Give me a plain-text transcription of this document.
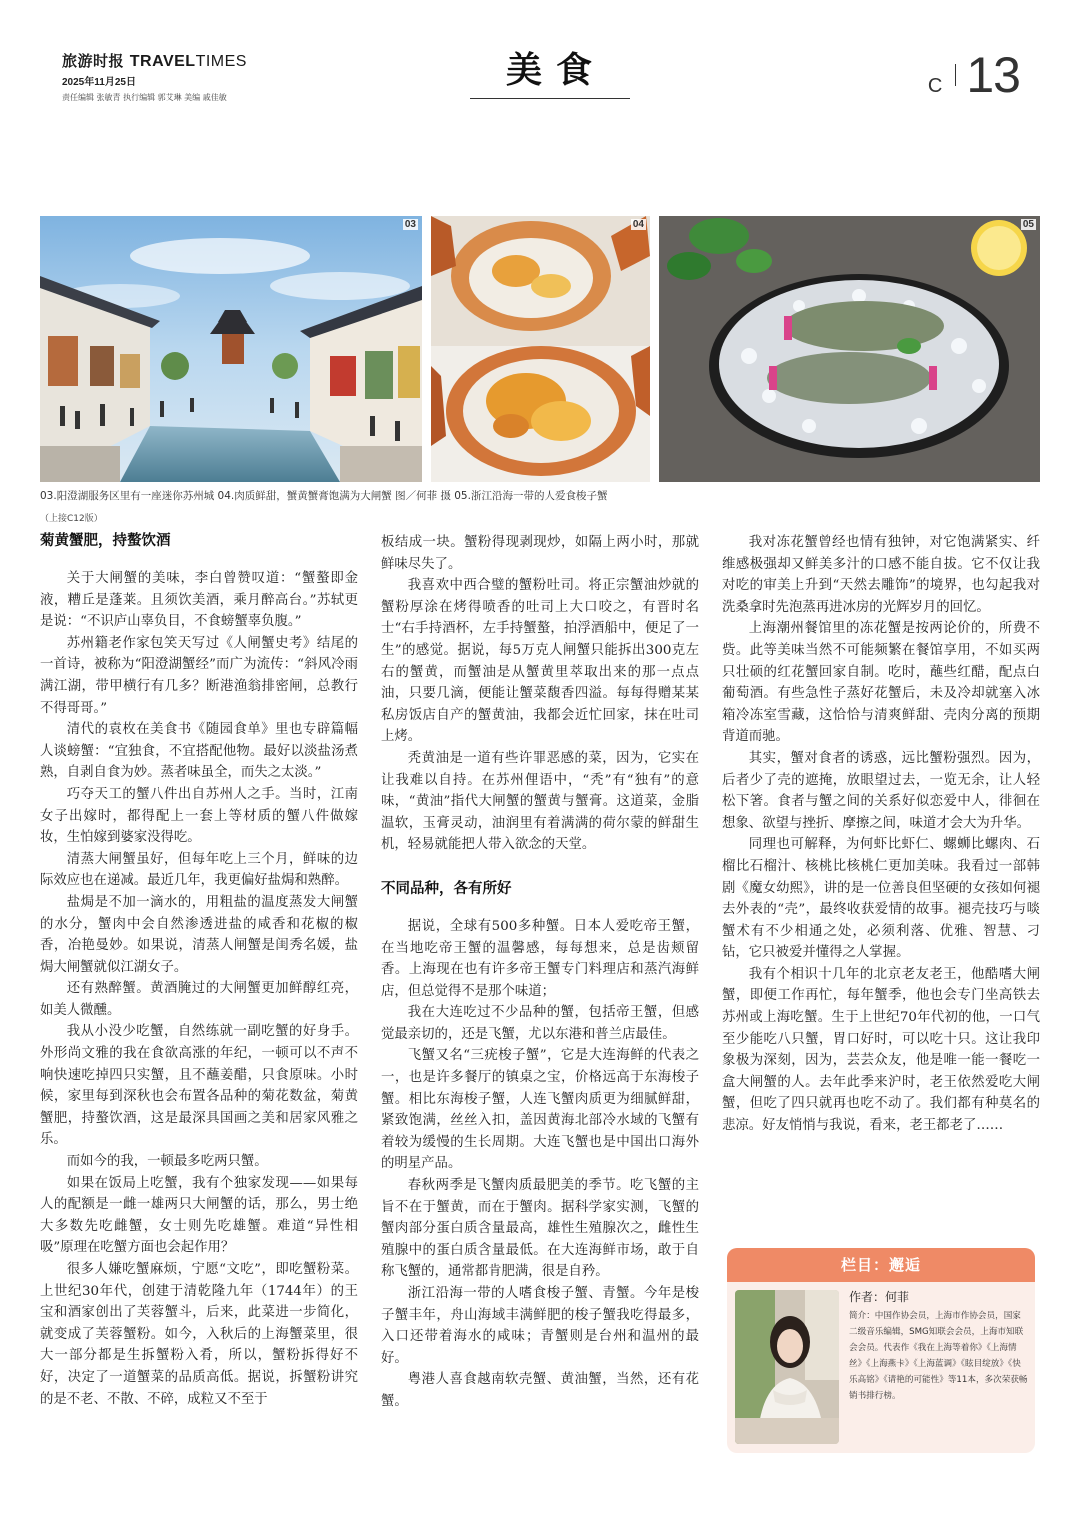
旅游时报 TRAVELTIMES
2025年11月25日
责任编辑 张敏青 执行编辑 郭艾琳 美编 戚佳敏
美食	C 13
03	04	05
03.阳澄湖服务区里有一座迷你苏州城 04.肉质鲜甜，蟹黄蟹膏饱满为大闸蟹 图／何菲 摄 05.浙江沿海一带的人爱食梭子蟹
（上接C12版）
菊黄蟹肥，持螯饮酒

关于大闸蟹的美味，李白曾赞叹道：“蟹螯即金液，糟丘是蓬莱。且须饮美酒，乘月醉高台。”苏轼更是说：“不识庐山辜负目，不食螃蟹辜负腹。”

苏州籍老作家包笑天写过《人闸蟹史考》结尾的一首诗，被称为“阳澄湖蟹经”而广为流传：“斜风冷雨满江湖，带甲横行有几多？断港渔翁排密闸，总教行不得哥哥。”

清代的袁枚在美食书《随园食单》里也专辟篇幅人谈螃蟹：“宜独食，不宜搭配他物。最好以淡盐汤煮熟，自剥自食为妙。蒸者味虽全，而失之太淡。”

巧夺天工的蟹八件出自苏州人之手。当时，江南女子出嫁时，都得配上一套上等材质的蟹八件做嫁妆，生怕嫁到婆家没得吃。

清蒸大闸蟹虽好，但每年吃上三个月，鲜味的边际效应也在递减。最近几年，我更偏好盐焗和熟醉。

盐焗是不加一滴水的，用粗盐的温度蒸发大闸蟹的水分，蟹肉中会自然渗透进盐的咸香和花椒的椒香，冶艳曼妙。如果说，清蒸人闸蟹是闺秀名媛，盐焗大闸蟹就似江湖女子。

还有熟醉蟹。黄酒腌过的大闸蟹更加鲜醇红亮，如美人微醺。

我从小没少吃蟹，自然练就一副吃蟹的好身手。外形尚文雅的我在食欲高涨的年纪，一顿可以不声不响快速吃掉四只实蟹，且不蘸姜醋，只食原味。小时候，家里每到深秋也会布置各品种的菊花数盆，菊黄蟹肥，持螯饮酒，这是最深具国画之美和居家风雅之乐。

而如今的我，一顿最多吃两只蟹。

如果在饭局上吃蟹，我有个独家发现——如果每人的配额是一雌一雄两只大闸蟹的话，那么，男士绝大多数先吃雌蟹，女士则先吃雄蟹。难道“异性相吸”原理在吃蟹方面也会起作用？

很多人嫌吃蟹麻烦，宁愿“文吃”，即吃蟹粉菜。上世纪30年代，创建于清乾隆九年（1744年）的王宝和酒家创出了芙蓉蟹斗，后来，此菜进一步简化，就变成了芙蓉蟹粉。如今，入秋后的上海蟹菜里，很大一部分都是生拆蟹粉入肴，所以，蟹粉拆得好不好，决定了一道蟹菜的品质高低。据说，拆蟹粉讲究的是不老、不散、不碎，成粒又不至于

板结成一块。蟹粉得现剥现炒，如隔上两小时，那就鲜味尽失了。

我喜欢中西合璧的蟹粉吐司。将正宗蟹油炒就的蟹粉厚涂在烤得喷香的吐司上大口咬之，有晋时名士“右手持酒杯，左手持蟹螯，拍浮酒船中，便足了一生”的感觉。据说，每5万克人闸蟹只能拆出300克左右的蟹黄，而蟹油是从蟹黄里萃取出来的那一点点油，只要几滴，便能让蟹菜馥香四溢。每每得赠某某私房饭店自产的蟹黄油，我都会近忙回家，抹在吐司上烤。

秃黄油是一道有些许罪恶感的菜，因为，它实在让我难以自持。在苏州俚语中，“秃”有“独有”的意味，“黄油”指代大闸蟹的蟹黄与蟹膏。这道菜，金脂温软，玉膏灵动，油润里有着满满的荷尔蒙的鲜甜生机，轻易就能把人带入欲念的天堂。

不同品种，各有所好

据说，全球有500多种蟹。日本人爱吃帝王蟹，在当地吃帝王蟹的温馨感，每每想来，总是齿颊留香。上海现在也有许多帝王蟹专门料理店和蒸汽海鲜店，但总觉得不是那个味道；

我在大连吃过不少品种的蟹，包括帝王蟹，但感觉最亲切的，还是飞蟹，尤以东港和普兰店最佳。

飞蟹又名“三疣梭子蟹”，它是大连海鲜的代表之一，也是许多餐厅的镇桌之宝，价格远高于东海梭子蟹。相比东海梭子蟹，人连飞蟹肉质更为细腻鲜甜，紧致饱满，丝丝入扣，盖因黄海北部冷水域的飞蟹有着较为缓慢的生长周期。大连飞蟹也是中国出口海外的明星产品。

春秋两季是飞蟹肉质最肥美的季节。吃飞蟹的主旨不在于蟹黄，而在于蟹肉。据科学家实测，飞蟹的蟹肉部分蛋白质含量最高，雄性生殖腺次之，雌性生殖腺中的蛋白质含量最低。在大连海鲜市场，敢于自称飞蟹的，通常都肯肥满，很是自矜。

浙江沿海一带的人嗜食梭子蟹、青蟹。今年是梭子蟹丰年，舟山海域丰满鲜肥的梭子蟹我吃得最多，入口还带着海水的咸味；青蟹则是台州和温州的最好。

粤港人喜食越南软壳蟹、黄油蟹，当然，还有花蟹。

我对冻花蟹曾经也情有独钟，对它饱满紧实、纤维感极强却又鲜美多汁的口感不能自拔。它不仅让我对吃的审美上升到“天然去雕饰”的境界，也勾起我对洗桑拿时先泡蒸再进冰房的光辉岁月的回忆。

上海潮州餐馆里的冻花蟹是按两论价的，所费不赀。此等美味当然不可能频繁在餐馆享用，不如买两只壮硕的红花蟹回家自制。吃时，蘸些红醋，配点白葡萄酒。有些急性子蒸好花蟹后，未及冷却就塞入冰箱冷冻室雪藏，这恰恰与清爽鲜甜、壳肉分离的预期背道而驰。

其实，蟹对食者的诱惑，远比蟹粉强烈。因为，后者少了壳的遮掩，放眼望过去，一览无余，让人轻松下箸。食者与蟹之间的关系好似恋爱中人，徘徊在想象、欲望与挫折、摩擦之间，味道才会大为升华。

同理也可解释，为何虾比虾仁、螺蛳比螺肉、石榴比石榴汁、核桃比核桃仁更加美味。我看过一部韩剧《魔女幼熙》，讲的是一位善良但坚硬的女孩如何褪去外表的“壳”，最终收获爱情的故事。褪壳技巧与啖蟹术有不少相通之处，必须利落、优雅、智慧、刁钻，它只被爱并懂得之人掌握。

我有个相识十几年的北京老友老王，他酷嗜大闸蟹，即便工作再忙，每年蟹季，他也会专门坐高铁去苏州或上海吃蟹。生于上世纪70年代初的他，一口气至少能吃八只蟹，胃口好时，可以吃十只。这让我印象极为深刻，因为，芸芸众友，他是唯一能一餐吃一盒大闸蟹的人。去年此季来沪时，老王依然爱吃大闸蟹，但吃了四只就再也吃不动了。我们都有种莫名的悲凉。好友悄悄与我说，看来，老王都老了……

栏目：邂逅
作者：何菲
简介：中国作协会员，上海市作协会员，国家二级音乐编辑，SMG知联会会员，上海市知联会会员。代表作《我在上海等着你》《上海情丝》《上海燕卡》《上海蓝调》《眩目绽放》《快乐高铭》《请艳的可能性》等11本，多次荣获畅销书排行榜。
